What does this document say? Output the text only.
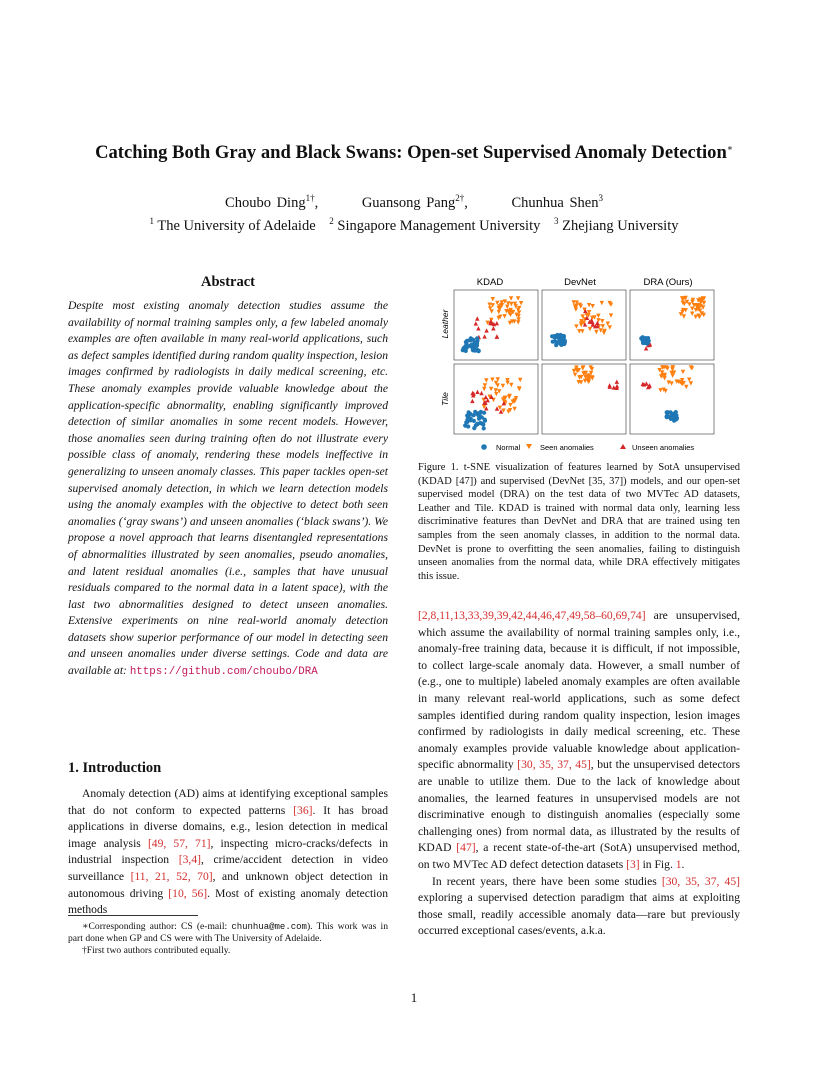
Catching Both Gray and Black Swans: Open-set Supervised Anomaly Detection∗
Choubo Ding$^{1\dagger}$,	Guansong Pang$^{2\dagger}$,	Chunhua Shen$^3$
$^1$ The University of Adelaide $^2$ Singapore Management University $^3$ Zhejiang University
Abstract
Despite most existing anomaly detection studies assume the availability of normal training samples only, a few labeled anomaly examples are often available in many real-world applications, such as defect samples identified during random quality inspection, lesion images confirmed by radiologists in daily medical screening, etc. These anomaly examples provide valuable knowledge about the application-specific abnormality, enabling significantly improved detection of similar anomalies in some recent models. However, those anomalies seen during training often do not illustrate every possible class of anomaly, rendering these models ineffective in generalizing to unseen anomaly classes. This paper tackles open-set supervised anomaly detection, in which we learn detection models using the anomaly examples with the objective to detect both seen anomalies (‘gray swans’) and unseen anomalies (‘black swans’). We propose a novel approach that learns disentangled representations of abnormalities illustrated by seen anomalies, pseudo anomalies, and latent residual anomalies (i.e., samples that have unusual residuals compared to the normal data in a latent space), with the last two abnormalities designed to detect unseen anomalies. Extensive experiments on nine real-world anomaly detection datasets show superior performance of our model in detecting seen and unseen anomalies under diverse settings. Code and data are available at: https://github.com/choubo/DRA
1. Introduction
Anomaly detection (AD) aims at identifying exceptional samples that do not conform to expected patterns [36]. It has broad applications in diverse domains, e.g., lesion detection in medical image analysis [49, 57, 71], inspecting micro-cracks/defects in industrial inspection [3,4], crime/accident detection in video surveillance [11, 21, 52, 70], and unknown object detection in autonomous driving [10, 56]. Most of existing anomaly detection methods

∗Corresponding author: CS (e-mail: chunhua@me.com). This work was in part done when GP and CS were with The University of Adelaide.

†First two authors contributed equally.

KDAD	DevNet	DRA (Ours)
Leather
Tile
Normal	Seen anomalies	Unseen anomalies
Figure 1. t-SNE visualization of features learned by SotA unsupervised (KDAD [47]) and supervised (DevNet [35, 37]) models, and our open-set supervised model (DRA) on the test data of two MVTec AD datasets, Leather and Tile. KDAD is trained with normal data only, learning less discriminative features than DevNet and DRA that are trained using ten samples from the seen anomaly classes, in addition to the normal data. DevNet is prone to overfitting the seen anomalies, failing to distinguish unseen anomalies from the normal data, while DRA effectively mitigates this issue.

[2,8,11,13,33,39,39,42,44,46,47,49,58–60,69,74] are unsupervised, which assume the availability of normal training samples only, i.e., anomaly-free training data, because it is difficult, if not impossible, to collect large-scale anomaly data. However, a small number of (e.g., one to multiple) labeled anomaly examples are often available in many relevant real-world applications, such as some defect samples identified during random quality inspection, lesion images confirmed by radiologists in daily medical screening, etc. These anomaly examples provide valuable knowledge about application-specific abnormality [30, 35, 37, 45], but the unsupervised detectors are unable to utilize them. Due to the lack of knowledge about anomalies, the learned features in unsupervised models are not discriminative enough to distinguish anomalies (especially some challenging ones) from normal data, as illustrated by the results of KDAD [47], a recent state-of-the-art (SotA) unsupervised method, on two MVTec AD defect detection datasets [3] in Fig. 1.

In recent years, there have been some studies [30, 35, 37, 45] exploring a supervised detection paradigm that aims at exploiting those small, readily accessible anomaly data—rare but previously occurred exceptional cases/events, a.k.a.

1
